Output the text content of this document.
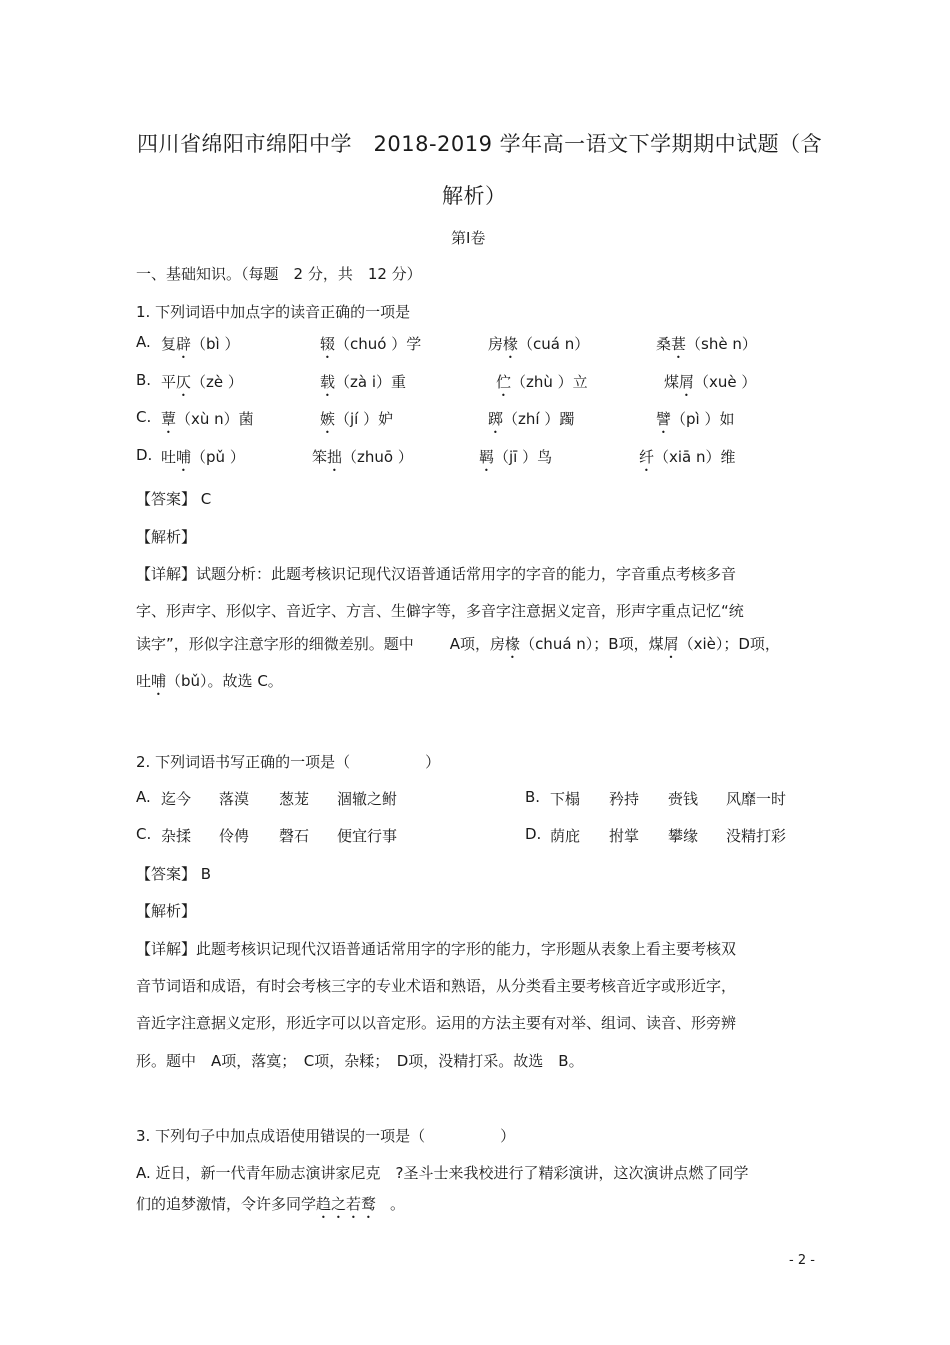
四川省绵阳市绵阳中学　2018-2019 学年高一语文下学期期中试题（含
解析）
第Ⅰ卷
一、基础知识。（每题　2 分，共　12 分）
1. 下列词语中加点字的读音正确的一项是
A. 复辟（bì ）	辍（chuó ）学	房椽（cuá n）	桑葚（shè n）
B. 平仄（zè ）	载（zà i）重	伫（zhù ）立	煤屑（xuè ）
C. 蕈（xù n）菌	嫉（jí ）妒	踯（zhí ）躅	譬（pì ）如
D. 吐哺（pǔ ）	笨拙（zhuō ）	羁（jī ）鸟	纤（xiā n）维
【答案】 C
【解析】
【详解】试题分析：此题考核识记现代汉语普通话常用字的字音的能力，字音重点考核多音
字、形声字、形似字、音近字、方言、生僻字等，多音字注意据义定音，形声字重点记忆“统
读字”，形似字注意字形的细微差别。题中 A项，房椽（chuá n）；B项，煤屑（xiè）；D项，
吐哺（bǔ）。故选 C。
2. 下列词语书写正确的一项是（　　　　　）
A. 迄今 落漠 葱茏 涸辙之鲋	B. 下榻 矜持 赍钱 风靡一时
C. 杂揉 伶俜 磬石 便宜行事	D. 荫庇 拊掌 攀缘 没精打彩
【答案】 B
【解析】
【详解】此题考核识记现代汉语普通话常用字的字形的能力，字形题从表象上看主要考核双
音节词语和成语，有时会考核三字的专业术语和熟语，从分类看主要考核音近字或形近字，
音近字注意据义定形，形近字可以以音定形。运用的方法主要有对举、组词、读音、形旁辨
形。题中　A项，落寞；　C项，杂糅；　D项，没精打采。故选　B。
3. 下列句子中加点成语使用错误的一项是（　　　　　）
A. 近日，新一代青年励志演讲家尼克　?圣斗士来我校进行了精彩演讲，这次演讲点燃了同学
们的追梦激情，令许多同学趋之若鹜 。
- 2 -
